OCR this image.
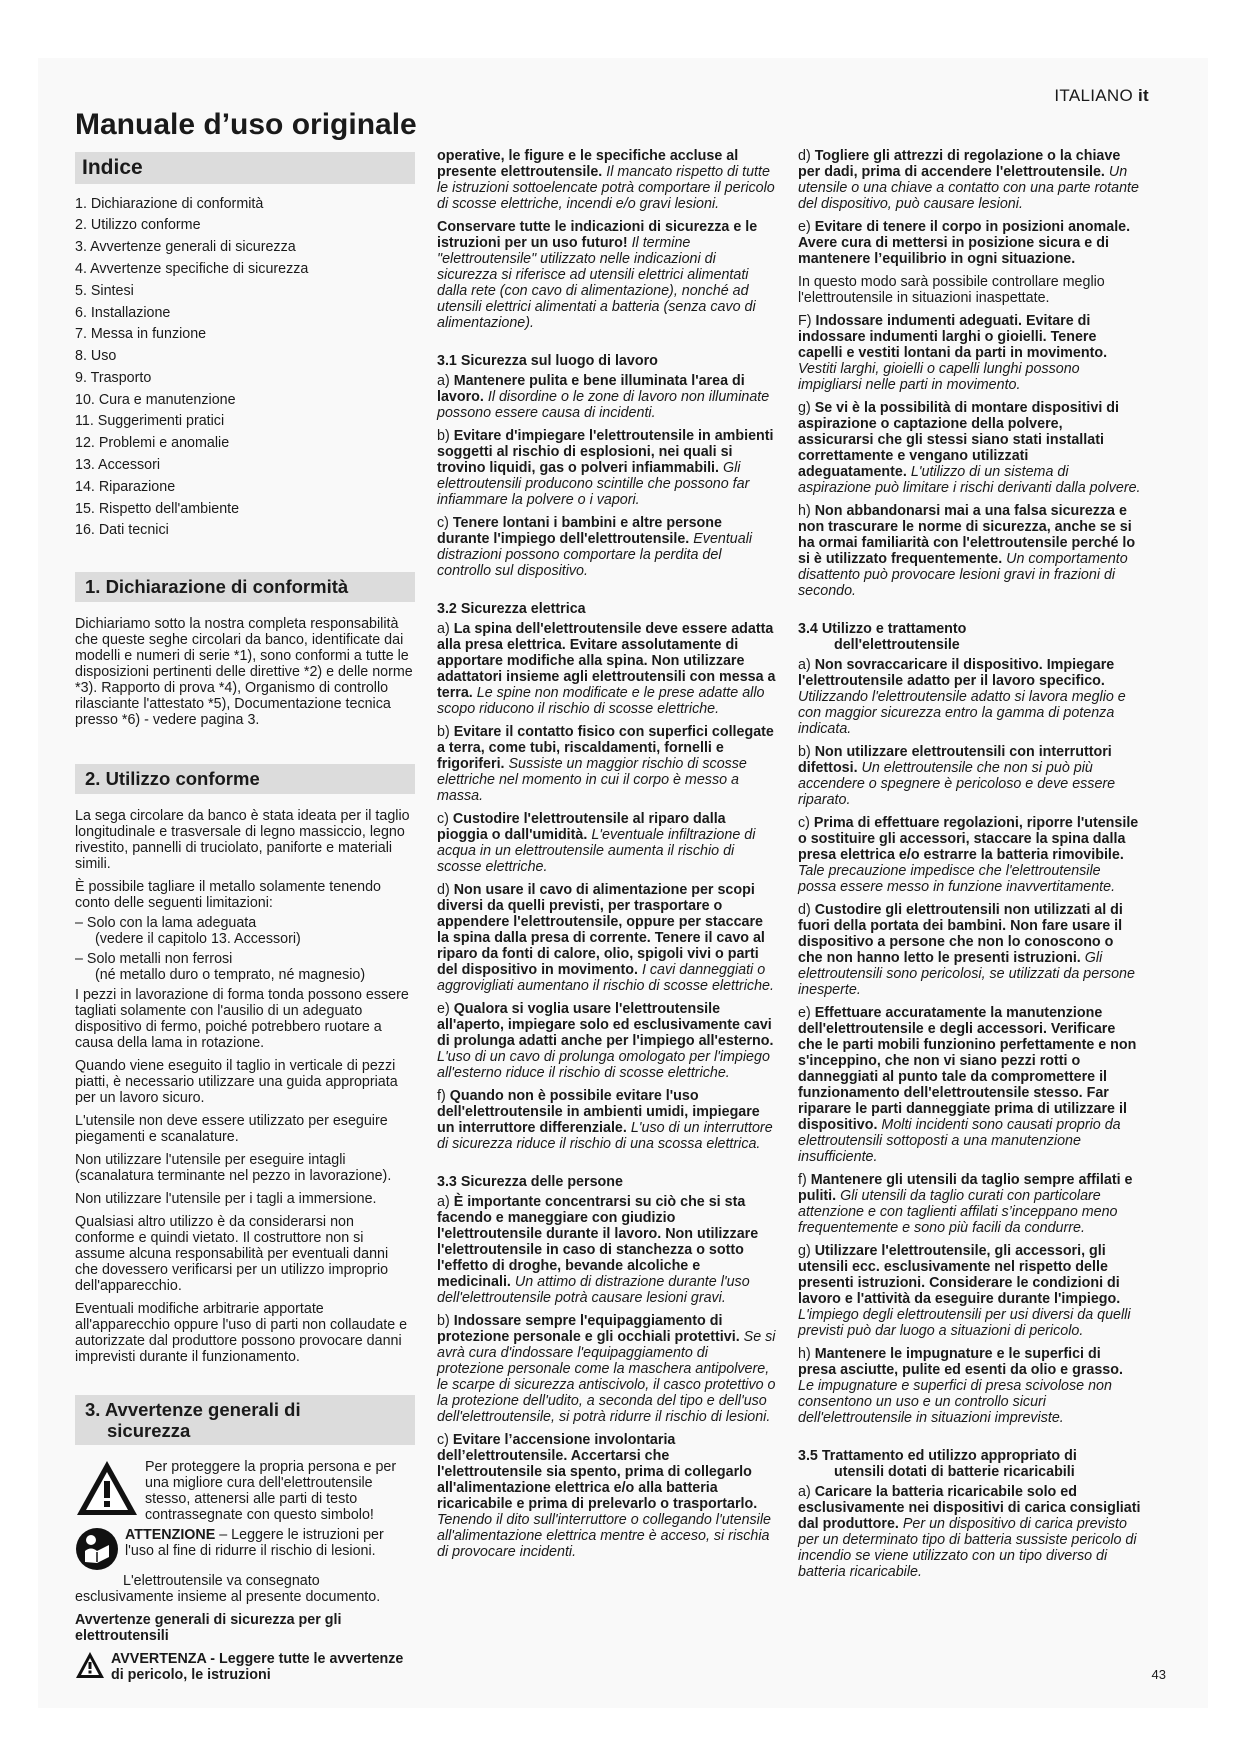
ITALIANO it
Manuale d’uso originale
Indice
1. Dichiarazione di conformità
2. Utilizzo conforme
3. Avvertenze generali di sicurezza
4. Avvertenze specifiche di sicurezza
5. Sintesi
6. Installazione
7. Messa in funzione
8. Uso
9. Trasporto
10. Cura e manutenzione
11. Suggerimenti pratici
12. Problemi e anomalie
13. Accessori
14. Riparazione
15. Rispetto dell'ambiente
16. Dati tecnici
1. Dichiarazione di conformità

Dichiariamo sotto la nostra completa responsabilità che queste seghe circolari da banco, identificate dai modelli e numeri di serie *1), sono conformi a tutte le disposizioni pertinenti delle direttive *2) e delle norme *3). Rapporto di prova *4), Organismo di controllo rilasciante l'attestato *5), Documentazione tecnica presso *6) - vedere pagina 3.

2. Utilizzo conforme

La sega circolare da banco è stata ideata per il taglio longitudinale e trasversale di legno massiccio, legno rivestito, pannelli di truciolato, paniforte e materiali simili.

È possibile tagliare il metallo solamente tenendo conto delle seguenti limitazioni:

– Solo con la lama adeguata
(vedere il capitolo 13. Accessori)

– Solo metalli non ferrosi
(né metallo duro o temprato, né magnesio)

I pezzi in lavorazione di forma tonda possono essere tagliati solamente con l'ausilio di un adeguato dispositivo di fermo, poiché potrebbero ruotare a causa della lama in rotazione.

Quando viene eseguito il taglio in verticale di pezzi piatti, è necessario utilizzare una guida appropriata per un lavoro sicuro.

L'utensile non deve essere utilizzato per eseguire piegamenti e scanalature.

Non utilizzare l'utensile per eseguire intagli (scanalatura terminante nel pezzo in lavorazione).

Non utilizzare l'utensile per i tagli a immersione.

Qualsiasi altro utilizzo è da considerarsi non conforme e quindi vietato. Il costruttore non si assume alcuna responsabilità per eventuali danni che dovessero verificarsi per un utilizzo improprio dell'apparecchio.

Eventuali modifiche arbitrarie apportate all'apparecchio oppure l'uso di parti non collaudate e autorizzate dal produttore possono provocare danni imprevisti durante il funzionamento.

3. Avvertenze generali di
sicurezza

Per proteggere la propria persona e per una migliore cura dell'elettroutensile stesso, attenersi alle parti di testo contrassegnate con questo simbolo!

ATTENZIONE – Leggere le istruzioni per l'uso al fine di ridurre il rischio di lesioni.

L'elettroutensile va consegnato esclusivamente insieme al presente documento.

Avvertenze generali di sicurezza per gli elettroutensili

AVVERTENZA - Leggere tutte le avvertenze di pericolo, le istruzioni

operative, le figure e le specifiche accluse al presente elettroutensile. Il mancato rispetto di tutte le istruzioni sottoelencate potrà comportare il pericolo di scosse elettriche, incendi e/o gravi lesioni.

Conservare tutte le indicazioni di sicurezza e le istruzioni per un uso futuro! Il termine "elettroutensile" utilizzato nelle indicazioni di sicurezza si riferisce ad utensili elettrici alimentati dalla rete (con cavo di alimentazione), nonché ad utensili elettrici alimentati a batteria (senza cavo di alimentazione).

3.1 Sicurezza sul luogo di lavoro

a) Mantenere pulita e bene illuminata l'area di lavoro. Il disordine o le zone di lavoro non illuminate possono essere causa di incidenti.

b) Evitare d'impiegare l'elettroutensile in ambienti soggetti al rischio di esplosioni, nei quali si trovino liquidi, gas o polveri infiammabili. Gli elettroutensili producono scintille che possono far infiammare la polvere o i vapori.

c) Tenere lontani i bambini e altre persone durante l'impiego dell'elettroutensile. Eventuali distrazioni possono comportare la perdita del controllo sul dispositivo.

3.2 Sicurezza elettrica

a) La spina dell'elettroutensile deve essere adatta alla presa elettrica. Evitare assolutamente di apportare modifiche alla spina. Non utilizzare adattatori insieme agli elettroutensili con messa a terra. Le spine non modificate e le prese adatte allo scopo riducono il rischio di scosse elettriche.

b) Evitare il contatto fisico con superfici collegate a terra, come tubi, riscaldamenti, fornelli e frigoriferi. Sussiste un maggior rischio di scosse elettriche nel momento in cui il corpo è messo a massa.

c) Custodire l'elettroutensile al riparo dalla pioggia o dall'umidità. L'eventuale infiltrazione di acqua in un elettroutensile aumenta il rischio di scosse elettriche.

d) Non usare il cavo di alimentazione per scopi diversi da quelli previsti, per trasportare o appendere l'elettroutensile, oppure per staccare la spina dalla presa di corrente. Tenere il cavo al riparo da fonti di calore, olio, spigoli vivi o parti del dispositivo in movimento. I cavi danneggiati o aggrovigliati aumentano il rischio di scosse elettriche.

e) Qualora si voglia usare l'elettroutensile all'aperto, impiegare solo ed esclusivamente cavi di prolunga adatti anche per l'impiego all'esterno. L'uso di un cavo di prolunga omologato per l'impiego all'esterno riduce il rischio di scosse elettriche.

f) Quando non è possibile evitare l'uso dell'elettroutensile in ambienti umidi, impiegare un interruttore differenziale. L'uso di un interruttore di sicurezza riduce il rischio di una scossa elettrica.

3.3 Sicurezza delle persone

a) È importante concentrarsi su ciò che si sta facendo e maneggiare con giudizio l'elettroutensile durante il lavoro. Non utilizzare l'elettroutensile in caso di stanchezza o sotto l'effetto di droghe, bevande alcoliche e medicinali. Un attimo di distrazione durante l'uso dell'elettroutensile potrà causare lesioni gravi.

b) Indossare sempre l'equipaggiamento di protezione personale e gli occhiali protettivi. Se si avrà cura d'indossare l'equipaggiamento di protezione personale come la maschera antipolvere, le scarpe di sicurezza antiscivolo, il casco protettivo o la protezione dell'udito, a seconda del tipo e dell'uso dell'elettroutensile, si potrà ridurre il rischio di lesioni.

c) Evitare l’accensione involontaria dell’elettroutensile. Accertarsi che l'elettroutensile sia spento, prima di collegarlo all'alimentazione elettrica e/o alla batteria ricaricabile e prima di prelevarlo o trasportarlo. Tenendo il dito sull'interruttore o collegando l'utensile all'alimentazione elettrica mentre è acceso, si rischia di provocare incidenti.

d) Togliere gli attrezzi di regolazione o la chiave per dadi, prima di accendere l'elettroutensile. Un utensile o una chiave a contatto con una parte rotante del dispositivo, può causare lesioni.

e) Evitare di tenere il corpo in posizioni anomale. Avere cura di mettersi in posizione sicura e di mantenere l’equilibrio in ogni situazione.

In questo modo sarà possibile controllare meglio l'elettroutensile in situazioni inaspettate.

F) Indossare indumenti adeguati. Evitare di indossare indumenti larghi o gioielli. Tenere capelli e vestiti lontani da parti in movimento. Vestiti larghi, gioielli o capelli lunghi possono impigliarsi nelle parti in movimento.

g) Se vi è la possibilità di montare dispositivi di aspirazione o captazione della polvere, assicurarsi che gli stessi siano stati installati correttamente e vengano utilizzati adeguatamente. L'utilizzo di un sistema di aspirazione può limitare i rischi derivanti dalla polvere.

h) Non abbandonarsi mai a una falsa sicurezza e non trascurare le norme di sicurezza, anche se si ha ormai familiarità con l'elettroutensile perché lo si è utilizzato frequentemente. Un comportamento disattento può provocare lesioni gravi in frazioni di secondo.

3.4 Utilizzo e trattamento
dell'elettroutensile

a) Non sovraccaricare il dispositivo. Impiegare l'elettroutensile adatto per il lavoro specifico. Utilizzando l'elettroutensile adatto si lavora meglio e con maggior sicurezza entro la gamma di potenza indicata.

b) Non utilizzare elettroutensili con interruttori difettosi. Un elettroutensile che non si può più accendere o spegnere è pericoloso e deve essere riparato.

c) Prima di effettuare regolazioni, riporre l'utensile o sostituire gli accessori, staccare la spina dalla presa elettrica e/o estrarre la batteria rimovibile. Tale precauzione impedisce che l'elettroutensile possa essere messo in funzione inavvertitamente.

d) Custodire gli elettroutensili non utilizzati al di fuori della portata dei bambini. Non fare usare il dispositivo a persone che non lo conoscono o che non hanno letto le presenti istruzioni. Gli elettroutensili sono pericolosi, se utilizzati da persone inesperte.

e) Effettuare accuratamente la manutenzione dell'elettroutensile e degli accessori. Verificare che le parti mobili funzionino perfettamente e non s'inceppino, che non vi siano pezzi rotti o danneggiati al punto tale da compromettere il funzionamento dell'elettroutensile stesso. Far riparare le parti danneggiate prima di utilizzare il dispositivo. Molti incidenti sono causati proprio da elettroutensili sottoposti a una manutenzione insufficiente.

f) Mantenere gli utensili da taglio sempre affilati e puliti. Gli utensili da taglio curati con particolare attenzione e con taglienti affilati s’inceppano meno frequentemente e sono più facili da condurre.

g) Utilizzare l'elettroutensile, gli accessori, gli utensili ecc. esclusivamente nel rispetto delle presenti istruzioni. Considerare le condizioni di lavoro e l'attività da eseguire durante l'impiego. L'impiego degli elettroutensili per usi diversi da quelli previsti può dar luogo a situazioni di pericolo.

h) Mantenere le impugnature e le superfici di presa asciutte, pulite ed esenti da olio e grasso. Le impugnature e superfici di presa scivolose non consentono un uso e un controllo sicuri dell'elettroutensile in situazioni impreviste.

3.5 Trattamento ed utilizzo appropriato di
utensili dotati di batterie ricaricabili

a) Caricare la batteria ricaricabile solo ed esclusivamente nei dispositivi di carica consigliati dal produttore. Per un dispositivo di carica previsto per un determinato tipo di batteria sussiste pericolo di incendio se viene utilizzato con un tipo diverso di batteria ricaricabile.

43
